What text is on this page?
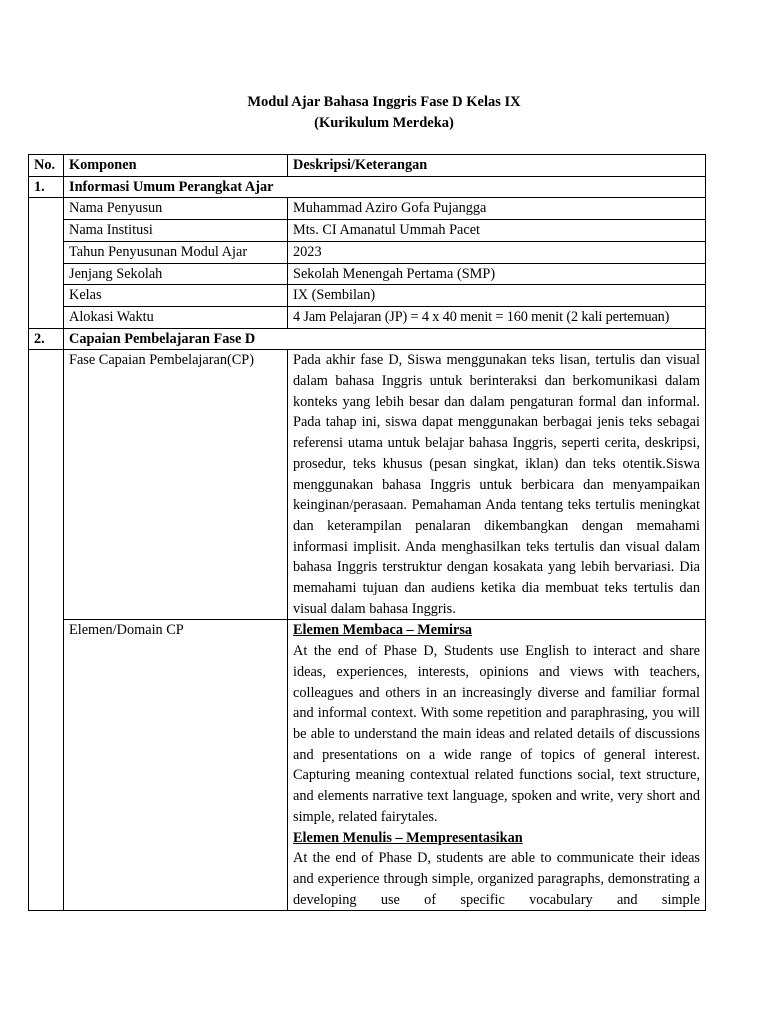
Modul Ajar Bahasa Inggris Fase D Kelas IX
(Kurikulum Merdeka)
No.	Komponen	Deskripsi/Keterangan
1.	Informasi Umum Perangkat Ajar	
	Nama Penyusun	Muhammad Aziro Gofa Pujangga
	Nama Institusi	Mts. CI Amanatul Ummah Pacet
	Tahun Penyusunan Modul Ajar	2023
	Jenjang Sekolah	Sekolah Menengah Pertama (SMP)
	Kelas	IX (Sembilan)
	Alokasi Waktu	4 Jam Pelajaran (JP) = 4 x 40 menit = 160 menit (2 kali pertemuan)
2.	Capaian Pembelajaran Fase D	
	Fase Capaian Pembelajaran(CP)	Pada akhir fase D, Siswa menggunakan teks lisan, tertulis dan visual dalam bahasa Inggris untuk berinteraksi dan berkomunikasi dalam konteks yang lebih besar dan dalam pengaturan formal dan informal. Pada tahap ini, siswa dapat menggunakan berbagai jenis teks sebagai referensi utama untuk belajar bahasa Inggris, seperti cerita, deskripsi, prosedur, teks khusus (pesan singkat, iklan) dan teks otentik.Siswa menggunakan bahasa Inggris untuk berbicara dan menyampaikan keinginan/perasaan. Pemahaman Anda tentang teks tertulis meningkat dan keterampilan penalaran dikembangkan dengan memahami informasi implisit. Anda menghasilkan teks tertulis dan visual dalam bahasa Inggris terstruktur dengan kosakata yang lebih bervariasi. Dia memahami tujuan dan audiens ketika dia membuat teks tertulis dan visual dalam bahasa Inggris.
	Elemen/Domain CP	Elemen Membaca – Memirsa
At the end of Phase D, Students use English to interact and share ideas, experiences, interests, opinions and views with teachers, colleagues and others in an increasingly diverse and familiar formal and informal context. With some repetition and paraphrasing, you will be able to understand the main ideas and related details of discussions and presentations on a wide range of topics of general interest. Capturing meaning contextual related functions social, text structure, and elements narrative text language, spoken and write, very short and simple, related fairytales.
Elemen Menulis – Mempresentasikan
At the end of Phase D, students are able to communicate their ideas and experience through simple, organized paragraphs, demonstrating a developing use of specific vocabulary and simple
